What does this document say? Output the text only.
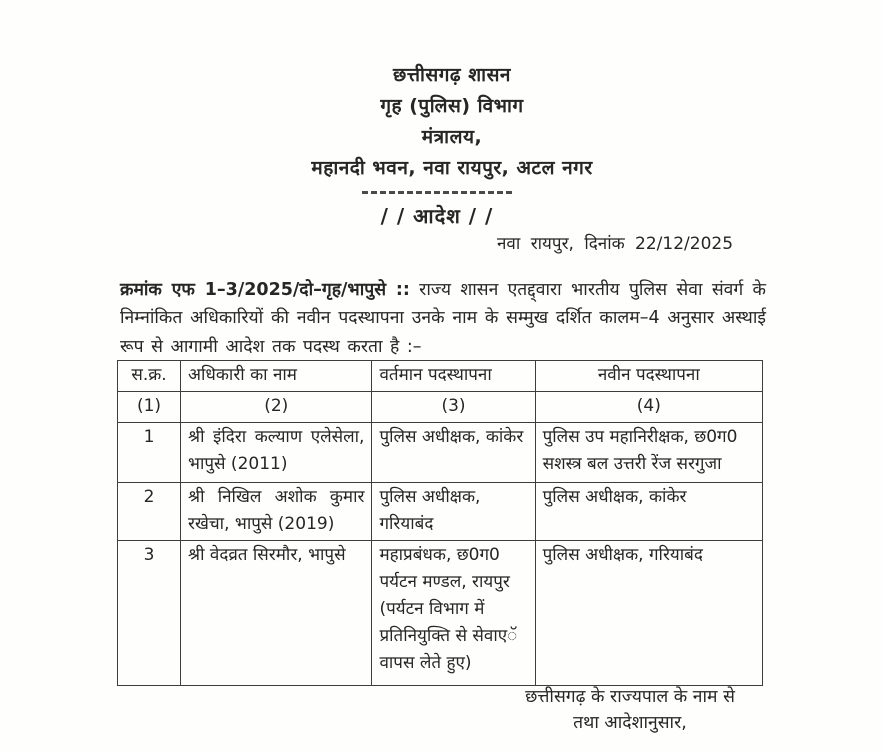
छत्तीसगढ़ शासन
गृह (पुलिस) विभाग
मंत्रालय,
महानदी भवन, नवा रायपुर, अटल नगर
/ / आदेश / /
नवा रायपुर, दिनांक 22/12/2025

क्रमांक एफ 1–3/2025/दो–गृह/भापुसे :: राज्य शासन एतद्द्वारा भारतीय पुलिस सेवा संवर्ग के निम्नांकित अधिकारियों की नवीन पदस्थापना उनके नाम के सम्मुख दर्शित कालम–4 अनुसार अस्थाई रूप से आगामी आदेश तक पदस्थ करता है :–

स.क्र.	अधिकारी का नाम	वर्तमान पदस्थापना	नवीन पदस्थापना
(1)	(2)	(3)	(4)
1	श्री इंदिरा कल्याण एलेसेला, भापुसे (2011)	पुलिस अधीक्षक, कांकेर	पुलिस उप महानिरीक्षक, छ0ग0 सशस्त्र बल उत्तरी रेंज सरगुजा
2	श्री निखिल अशोक कुमार रखेचा, भापुसे (2019)	पुलिस अधीक्षक, गरियाबंद	पुलिस अधीक्षक, कांकेर
3	श्री वेदव्रत सिरमौर, भापुसे	महाप्रबंधक, छ0ग0 पर्यटन मण्डल, रायपुर (पर्यटन विभाग में प्रतिनियुक्ति से सेवाएॅ वापस लेते हुए)	पुलिस अधीक्षक, गरियाबंद
छत्तीसगढ़ के राज्यपाल के नाम से
तथा आदेशानुसार,
